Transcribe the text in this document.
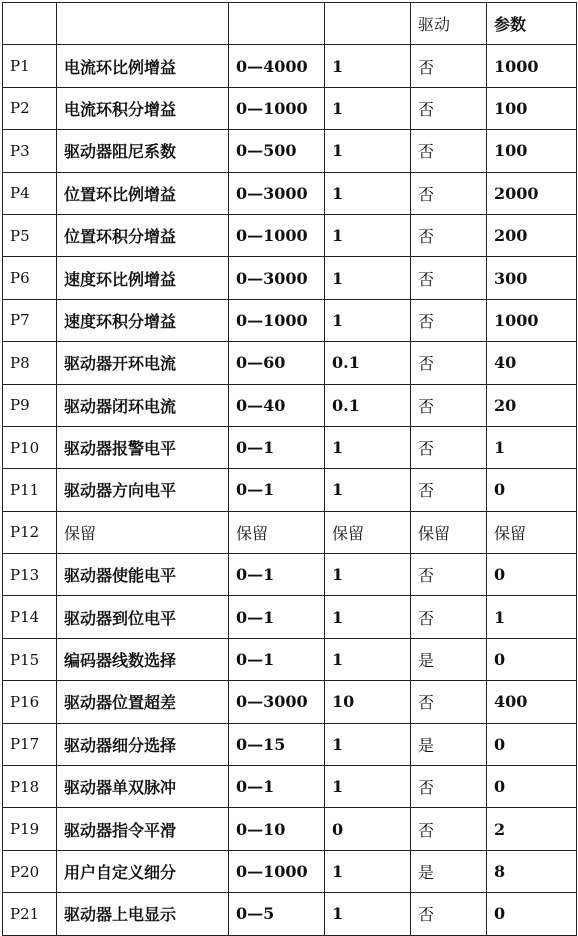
				驱动	参数
P1	电流环比例增益	0—4000	1	否	1000
P2	电流环积分增益	0—1000	1	否	100
P3	驱动器阻尼系数	0—500	1	否	100
P4	位置环比例增益	0—3000	1	否	2000
P5	位置环积分增益	0—1000	1	否	200
P6	速度环比例增益	0—3000	1	否	300
P7	速度环积分增益	0—1000	1	否	1000
P8	驱动器开环电流	0—60	0.1	否	40
P9	驱动器闭环电流	0—40	0.1	否	20
P10	驱动器报警电平	0—1	1	否	1
P11	驱动器方向电平	0—1	1	否	0
P12	保留	保留	保留	保留	保留
P13	驱动器使能电平	0—1	1	否	0
P14	驱动器到位电平	0—1	1	否	1
P15	编码器线数选择	0—1	1	是	0
P16	驱动器位置超差	0—3000	10	否	400
P17	驱动器细分选择	0—15	1	是	0
P18	驱动器单双脉冲	0—1	1	否	0
P19	驱动器指令平滑	0—10	0	否	2
P20	用户自定义细分	0—1000	1	是	8
P21	驱动器上电显示	0—5	1	否	0
